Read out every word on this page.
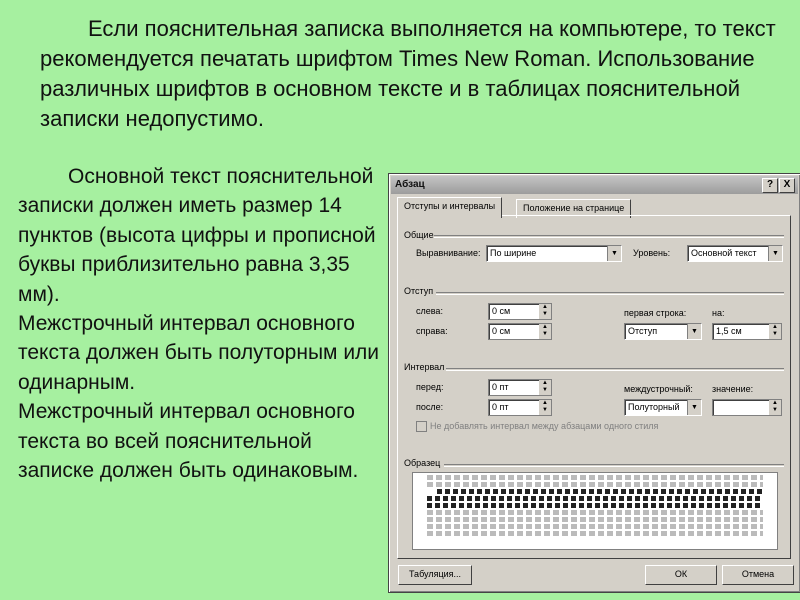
Если пояснительная записка выполняется на компьютере, то текст рекомендуется печатать шрифтом Times New Roman. Использование различных шрифтов в основном тексте и в таблицах пояснительной записки недопустимо.
Основной текст пояснительной записки должен иметь размер 14 пунктов (высота цифры и прописной буквы приблизительно равна 3,35 мм).
Межстрочный интервал основного текста должен быть полуторным или одинарным.
Межстрочный интервал основного текста во всей пояснительной записке должен быть одинаковым.
Абзац	?	X
Отступы и интервалы	Положение на странице
Общие
Выравнивание: По ширине	▼	Уровень: Основной текст	▼
Отступ
слева:	0 см	▲
▼
справа:	0 см	▲
▼
первая строка:
Отступ	▼
на:
1,5 см	▲
▼
Интервал
перед:	0 пт	▲
▼
после:	0 пт	▲
▼
междустрочный:
Полуторный	▼
значение:
▲
▼
Не добавлять интервал между абзацами одного стиля
Образец
Табуляция...	ОК	Отмена
